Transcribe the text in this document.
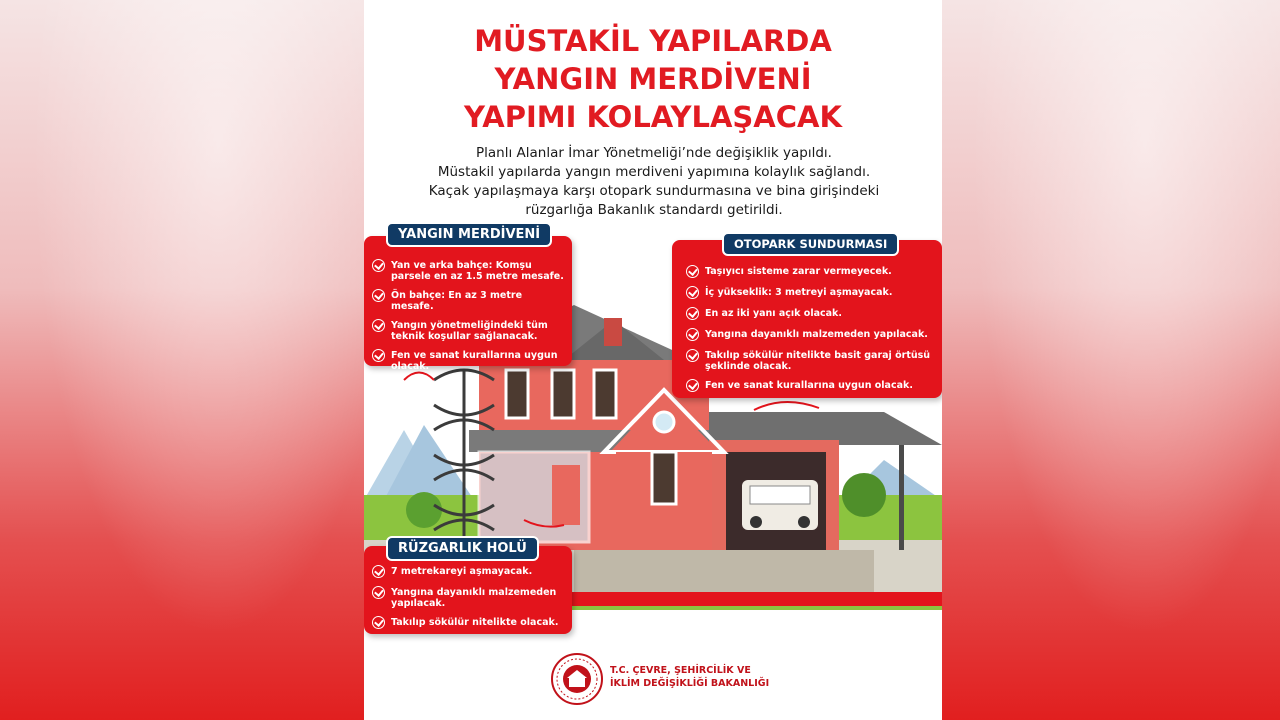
MÜSTAKİL YAPILARDA
YANGIN MERDİVENİ
YAPIMI KOLAYLAŞACAK
Planlı Alanlar İmar Yönetmeliği’nde değişiklik yapıldı.
Müstakil yapılarda yangın merdiveni yapımına kolaylık sağlandı.
Kaçak yapılaşmaya karşı otopark sundurmasına ve bina girişindeki
rüzgarlığa Bakanlık standardı getirildi.
Yan ve arka bahçe: Komşu parsele en az 1.5 metre mesafe.
Ön bahçe: En az 3 metre mesafe.
Yangın yönetmeliğindeki tüm teknik koşullar sağlanacak.
Fen ve sanat kurallarına uygun olacak.
YANGIN MERDİVENİ
Taşıyıcı sisteme zarar vermeyecek.
İç yükseklik: 3 metreyi aşmayacak.
En az iki yanı açık olacak.
Yangına dayanıklı malzemeden yapılacak.
Takılıp sökülür nitelikte basit garaj örtüsü şeklinde olacak.
Fen ve sanat kurallarına uygun olacak.
OTOPARK SUNDURMASI
7 metrekareyi aşmayacak.
Yangına dayanıklı malzemeden yapılacak.
Takılıp sökülür nitelikte olacak.
RÜZGARLIK HOLÜ
T.C. ÇEVRE, ŞEHİRCİLİK VE
İKLİM DEĞİŞİKLİĞİ BAKANLIĞI
